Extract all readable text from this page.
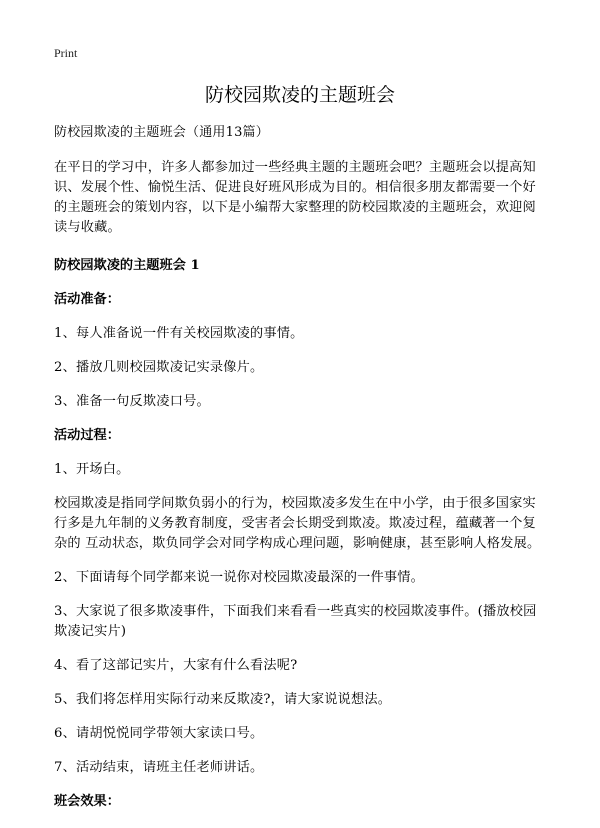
Print
防校园欺凌的主题班会

防校园欺凌的主题班会（通用13篇）

在平日的学习中，许多人都参加过一些经典主题的主题班会吧？主题班会以提高知识、发展个性、愉悦生活、促进良好班风形成为目的。相信很多朋友都需要一个好的主题班会的策划内容，以下是小编帮大家整理的防校园欺凌的主题班会，欢迎阅读与收藏。

防校园欺凌的主题班会 1
活动准备：

1、每人准备说一件有关校园欺凌的事情。

2、播放几则校园欺凌记实录像片。

3、准备一句反欺凌口号。

活动过程：

1、开场白。

校园欺凌是指同学间欺负弱小的行为，校园欺凌多发生在中小学，由于很多国家实行多是九年制的义务教育制度，受害者会长期受到欺凌。欺凌过程，蕴藏著一个复杂的 互动状态，欺负同学会对同学构成心理问题，影响健康，甚至影响人格发展。

2、下面请每个同学都来说一说你对校园欺凌最深的一件事情。

3、大家说了很多欺凌事件，下面我们来看看一些真实的校园欺凌事件。(播放校园欺凌记实片)

4、看了这部记实片，大家有什么看法呢?

5、我们将怎样用实际行动来反欺凌?，请大家说说想法。

6、请胡悦悦同学带领大家读口号。

7、活动结束，请班主任老师讲话。

班会效果：
